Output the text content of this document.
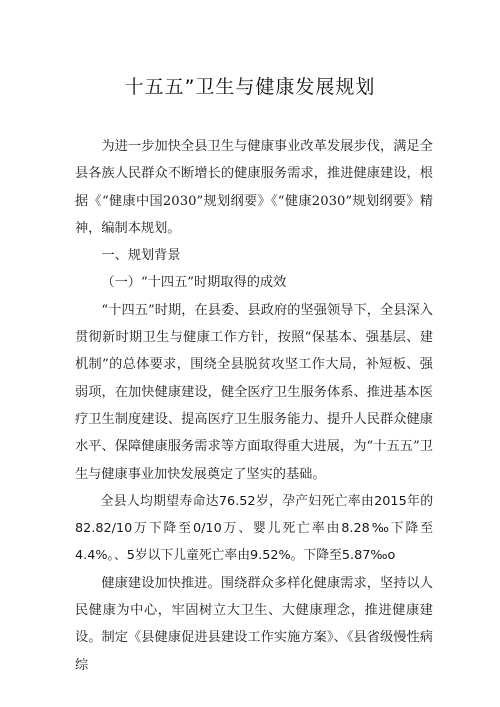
十五五”卫生与健康发展规划

为进一步加快全县卫生与健康事业改革发展步伐，满足全县各族人民群众不断增长的健康服务需求，推进健康建设，根据《“健康中国2030”规划纲要》《“健康2030”规划纲要》精神，编制本规划。

一、规划背景

（一）“十四五”时期取得的成效

“十四五”时期，在县委、县政府的坚强领导下，全县深入贯彻新时期卫生与健康工作方针，按照“保基本、强基层、建机制”的总体要求，围绕全县脱贫攻坚工作大局，补短板、强弱项，在加快健康建设，健全医疗卫生服务体系、推进基本医疗卫生制度建设、提高医疗卫生服务能力、提升人民群众健康水平、保障健康服务需求等方面取得重大进展，为“十五五”卫生与健康事业加快发展奠定了坚实的基础。

全县人均期望寿命达76.52岁，孕产妇死亡率由2015年的82.82/10万下降至0/10万、婴儿死亡率由8.28‰下降至4.4%。、5岁以下儿童死亡率由9.52%。下降至5.87‰o

健康建设加快推进。围绕群众多样化健康需求，坚持以人民健康为中心，牢固树立大卫生、大健康理念，推进健康建设。制定《县健康促进县建设工作实施方案》、《县省级慢性病综
